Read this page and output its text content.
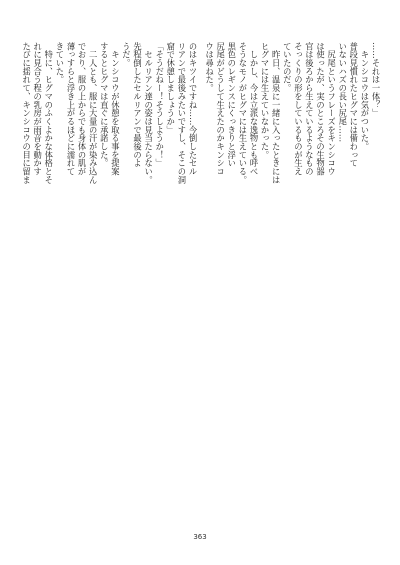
……それは一体？」
　キンシコウは気がついた。
普段見慣れたヒグマには備わって
いないハズの長い尻尾……
　尻尾というフレーズをキンシコウ
は使ったが、実のところその生物器
官は後ろから生えているようなもの
そっくりの形をしているものが生え
ていたのだ。
　昨日、温泉に一緒に入ったときには
ヒグマには生えていなかった。
　しかし、今は立派な逸物とも呼べ
そうなモノがヒグマには生えている。
黒色のレギンスにくっきりと浮い
尻尾がどうして生えたのかキンシコ
ウは尋ねた。
のはキツイですね……今倒したセル
リアンで最後みたいですし、そこの洞
窟で休憩しましょうか」
「そうだねー！そうしようか！」
　セルリアン達の姿は見当たらない。
先程倒したセルリアンで最後のよ
うだ。
　キンシコウが休憩を取る事を提案
するとヒグマは直ぐに承諾した。
　二人とも、服に大量の汗が染み込ん
でおり、服の上からでも身体の肌が
薄っすらと浮き上がるほどに濡れて
きていた。
　特に、ヒグマのふくよかな体格とそ
れに見合う程の乳房が雨音を動かす
たびに揺れて、キンシコウの目に留ま
363
